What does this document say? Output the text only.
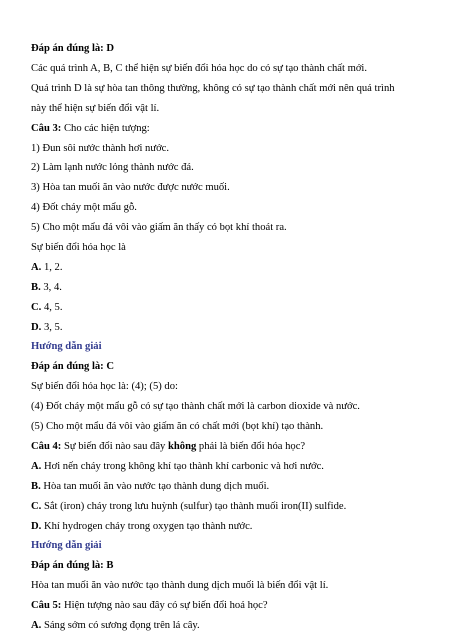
Đáp án đúng là: D
Các quá trình A, B, C thể hiện sự biến đổi hóa học do có sự tạo thành chất mới.
Quá trình D là sự hòa tan thông thường, không có sự tạo thành chất mới nên quá trình
này thể hiện sự biến đổi vật lí.
Câu 3: Cho các hiện tượng:
1) Đun sôi nước thành hơi nước.
2) Làm lạnh nước lỏng thành nước đá.
3) Hòa tan muối ăn vào nước được nước muối.
4) Đốt cháy một mẩu gỗ.
5) Cho một mẩu đá vôi vào giấm ăn thấy có bọt khí thoát ra.
Sự biến đổi hóa học là
A. 1, 2.
B. 3, 4.
C. 4, 5.
D. 3, 5.
Hướng dẫn giải
Đáp án đúng là: C
Sự biến đổi hóa học là: (4); (5) do:
(4) Đốt cháy một mẩu gỗ có sự tạo thành chất mới là carbon dioxide và nước.
(5) Cho một mẩu đá vôi vào giấm ăn có chất mới (bọt khí) tạo thành.
Câu 4: Sự biến đổi nào sau đây không phải là biến đổi hóa học?
A. Hơi nến cháy trong không khí tạo thành khí carbonic và hơi nước.
B. Hòa tan muối ăn vào nước tạo thành dung dịch muối.
C. Sắt (iron) cháy trong lưu huỳnh (sulfur) tạo thành muối iron(II) sulfide.
D. Khí hydrogen cháy trong oxygen tạo thành nước.
Hướng dẫn giải
Đáp án đúng là: B
Hòa tan muối ăn vào nước tạo thành dung dịch muối là biến đổi vật lí.
Câu 5: Hiện tượng nào sau đây có sự biến đổi hoá học?
A. Sáng sớm có sương đọng trên lá cây.
